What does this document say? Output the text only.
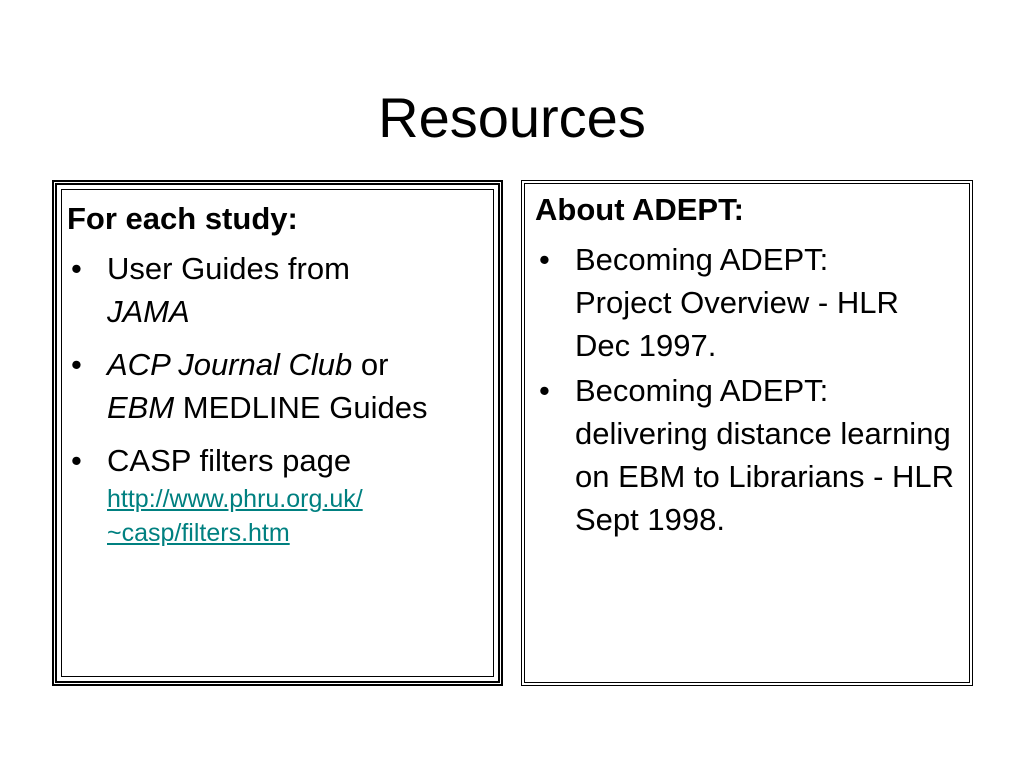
Resources
For each study:
• User Guides from
JAMA
• ACP Journal Club or
EBM MEDLINE Guides
• CASP filters page
http://www.phru.org.uk/
~casp/filters.htm
About ADEPT:
• Becoming ADEPT: Project Overview - HLR Dec 1997.
• Becoming ADEPT: delivering distance learning on EBM to Librarians - HLR Sept 1998.
